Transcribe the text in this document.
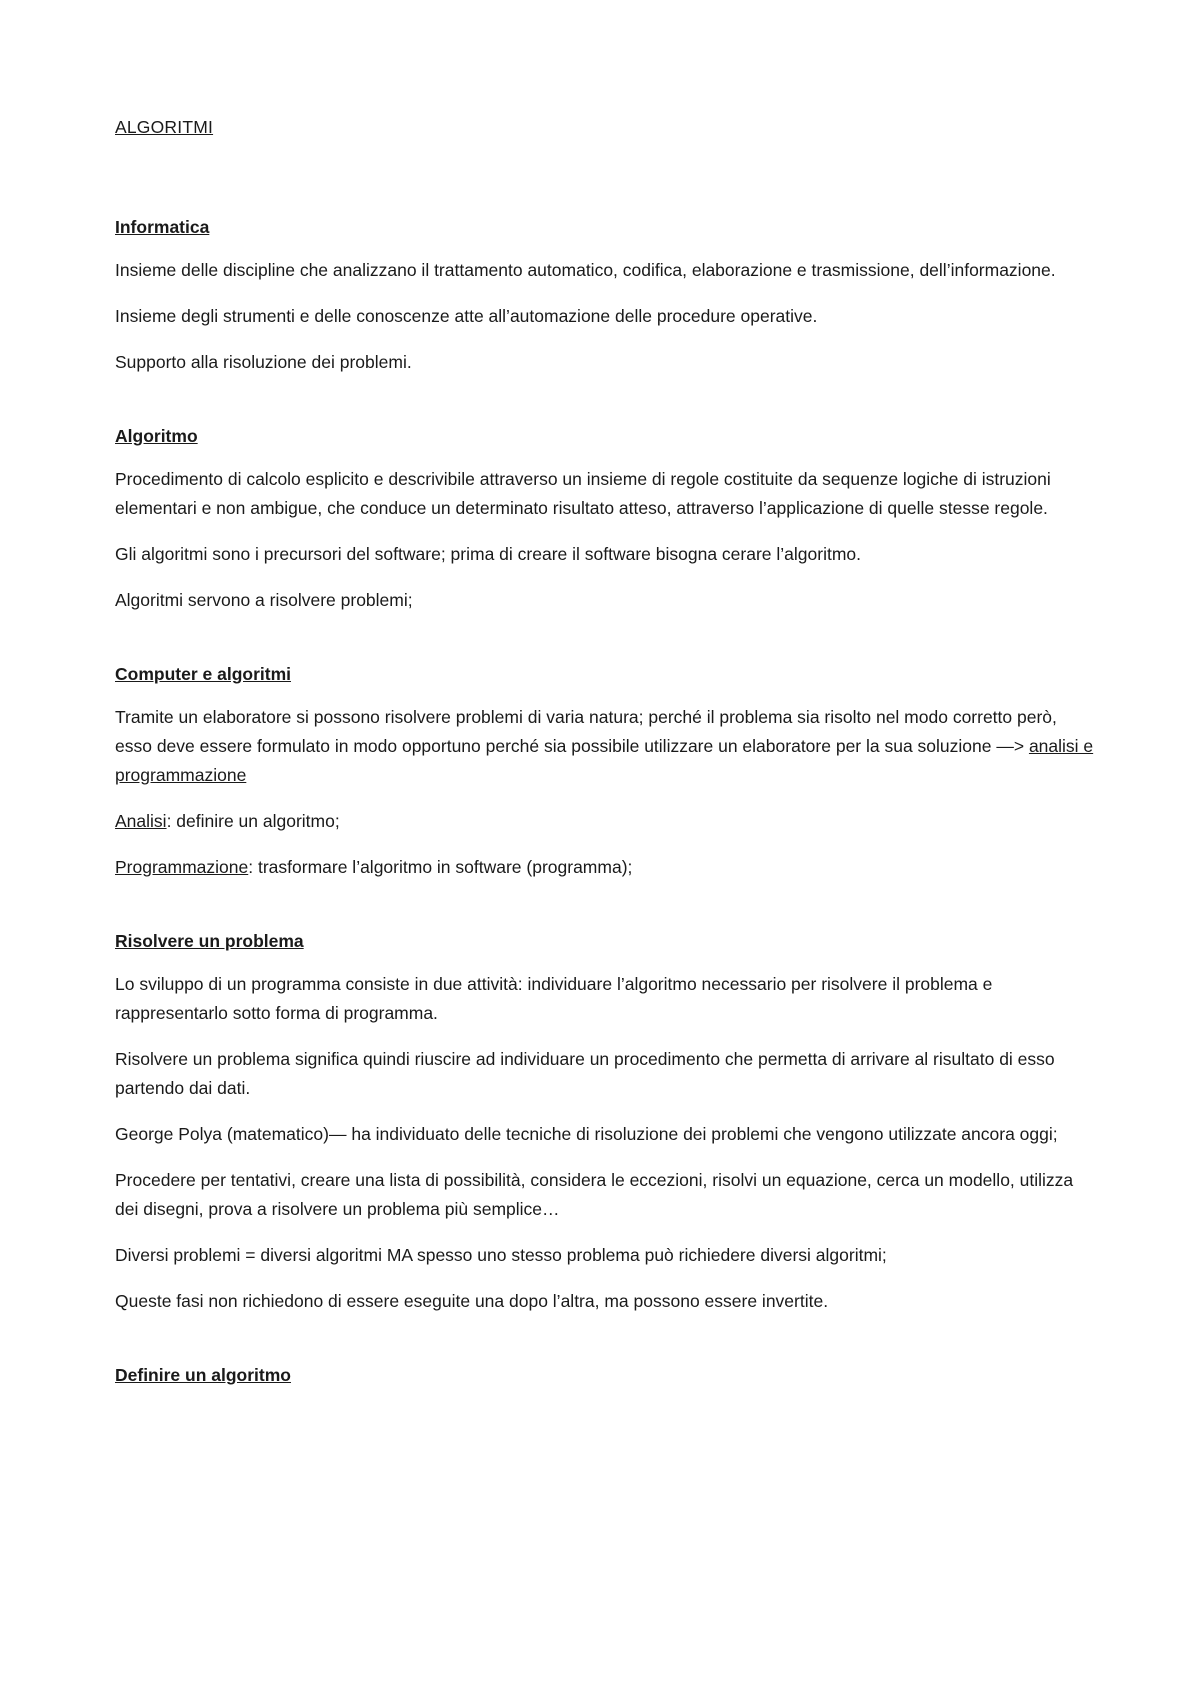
ALGORITMI

Informatica

Insieme delle discipline che analizzano il trattamento automatico, codifica, elaborazione e trasmissione, dell’informazione.

Insieme degli strumenti e delle conoscenze atte all’automazione delle procedure operative.

Supporto alla risoluzione dei problemi.

Algoritmo

Procedimento di calcolo esplicito e descrivibile attraverso un insieme di regole costituite da sequenze logiche di istruzioni elementari e non ambigue, che conduce un determinato risultato atteso, attraverso l’applicazione di quelle stesse regole.

Gli algoritmi sono i precursori del software; prima di creare il software bisogna cerare l’algoritmo.

Algoritmi servono a risolvere problemi;

Computer e algoritmi

Tramite un elaboratore si possono risolvere problemi di varia natura; perché il problema sia risolto nel modo corretto però, esso deve essere formulato in modo opportuno perché sia possibile utilizzare un elaboratore per la sua soluzione —> analisi e programmazione

Analisi: definire un algoritmo;

Programmazione: trasformare l’algoritmo in software (programma);

Risolvere un problema

Lo sviluppo di un programma consiste in due attività: individuare l’algoritmo necessario per risolvere il problema e rappresentarlo sotto forma di programma.

Risolvere un problema significa quindi riuscire ad individuare un procedimento che permetta di arrivare al risultato di esso partendo dai dati.

George Polya (matematico)— ha individuato delle tecniche di risoluzione dei problemi che vengono utilizzate ancora oggi;

Procedere per tentativi, creare una lista di possibilità, considera le eccezioni, risolvi un equazione, cerca un modello, utilizza dei disegni, prova a risolvere un problema più semplice…

Diversi problemi = diversi algoritmi MA spesso uno stesso problema può richiedere diversi algoritmi;

Queste fasi non richiedono di essere eseguite una dopo l’altra, ma possono essere invertite.

Definire un algoritmo
